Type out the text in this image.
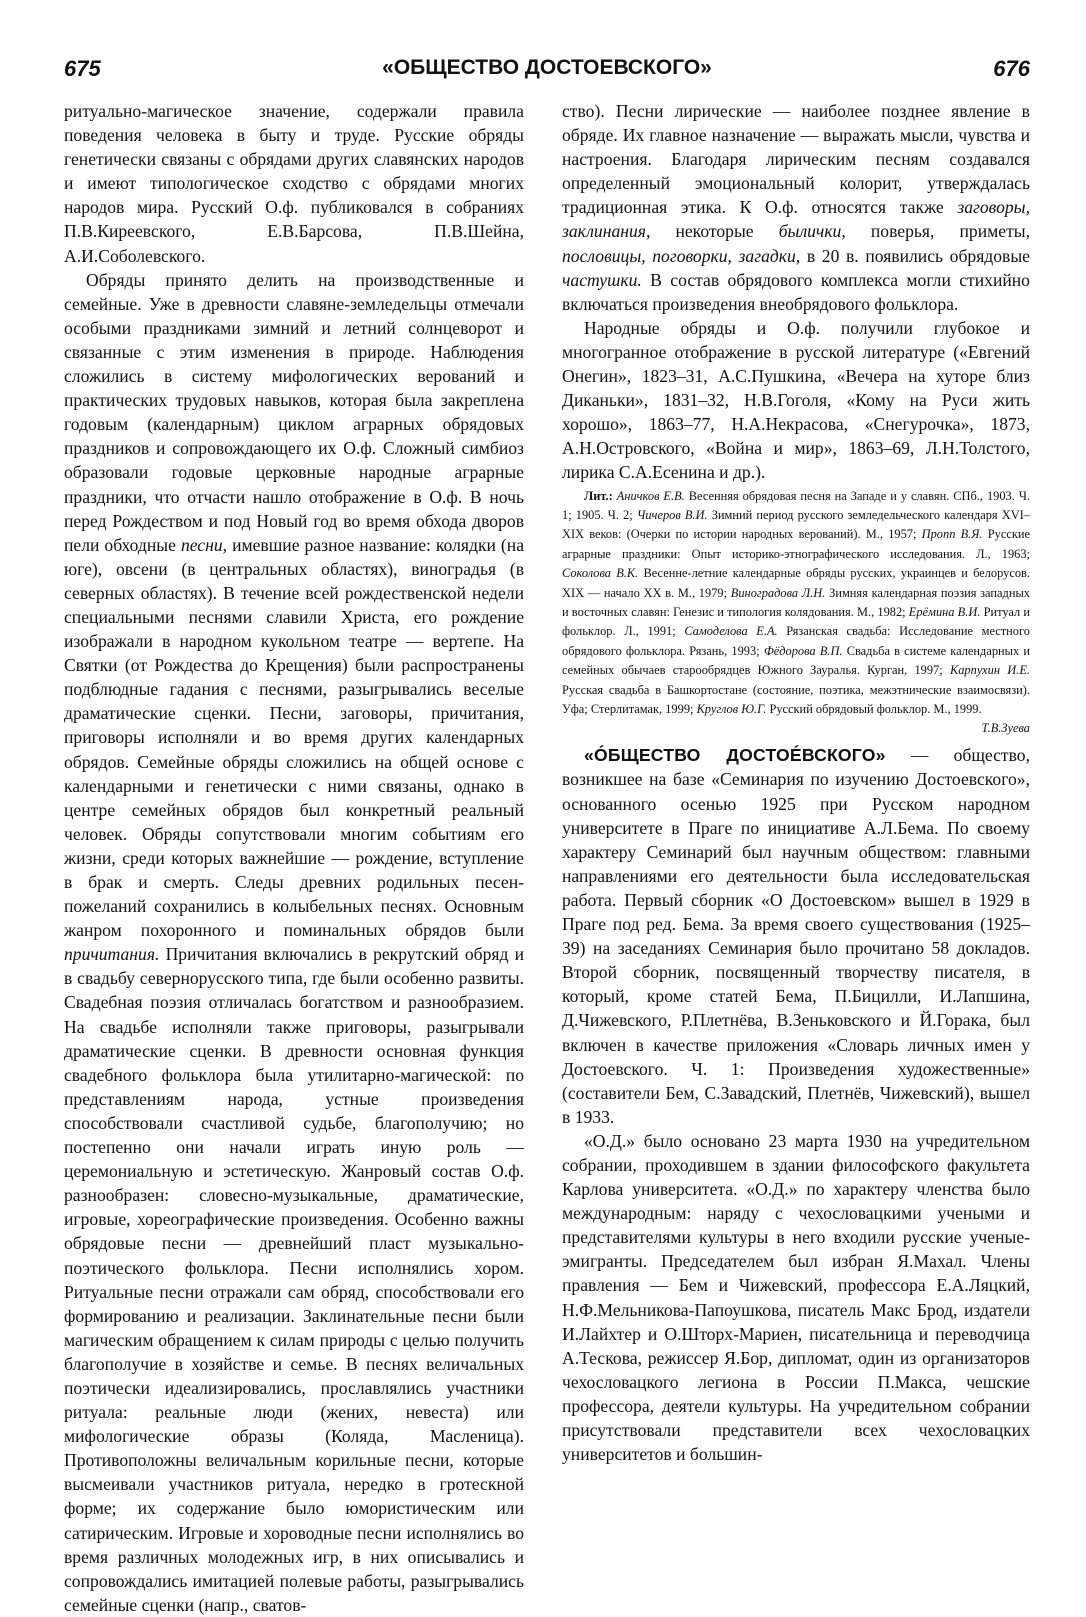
675	«ОБЩЕСТВО ДОСТОЕВСКОГО»	676

ритуально-магическое значение, содержали правила поведения человека в быту и труде. Русские обряды генетически связаны с обрядами других славянских народов и имеют типологическое сходство с обрядами многих народов мира. Русский О.ф. публиковался в собраниях П.В.Киреевского, Е.В.Барсова, П.В.Шейна, А.И.Соболевского.

Обряды принято делить на производственные и семейные. Уже в древности славяне-земледельцы отмечали особыми праздниками зимний и летний солнцеворот и связанные с этим изменения в природе. Наблюдения сложились в систему мифологических верований и практических трудовых навыков, которая была закреплена годовым (календарным) циклом аграрных обрядовых праздников и сопровождающего их О.ф. Сложный симбиоз образовали годовые церковные народные аграрные праздники, что отчасти нашло отображение в О.ф. В ночь перед Рождеством и под Новый год во время обхода дворов пели обходные песни, имевшие разное название: колядки (на юге), овсени (в центральных областях), виноградья (в северных областях). В течение всей рождественской недели специальными песнями славили Христа, его рождение изображали в народном кукольном театре — вертепе. На Святки (от Рождества до Крещения) были распространены подблюдные гадания с песнями, разыгрывались веселые драматические сценки. Песни, заговоры, причитания, приговоры исполняли и во время других календарных обрядов. Семейные обряды сложились на общей основе с календарными и генетически с ними связаны, однако в центре семейных обрядов был конкретный реальный человек. Обряды сопутствовали многим событиям его жизни, среди которых важнейшие — рождение, вступление в брак и смерть. Следы древних родильных песен-пожеланий сохранились в колыбельных песнях. Основным жанром похоронного и поминальных обрядов были причитания. Причитания включались в рекрутский обряд и в свадьбу севернорусского типа, где были особенно развиты. Свадебная поэзия отличалась богатством и разнообразием. На свадьбе исполняли также приговоры, разыгрывали драматические сценки. В древности основная функция свадебного фольклора была утилитарно-магической: по представлениям народа, устные произведения способствовали счастливой судьбе, благополучию; но постепенно они начали играть иную роль — церемониальную и эстетическую. Жанровый состав О.ф. разнообразен: словесно-музыкальные, драматические, игровые, хореографические произведения. Особенно важны обрядовые песни — древнейший пласт музыкально-поэтического фольклора. Песни исполнялись хором. Ритуальные песни отражали сам обряд, способствовали его формированию и реализации. Заклинательные песни были магическим обращением к силам природы с целью получить благополучие в хозяйстве и семье. В песнях величальных поэтически идеализировались, прославлялись участники ритуала: реальные люди (жених, невеста) или мифологические образы (Коляда, Масленица). Противоположны величальным корильные песни, которые высмеивали участников ритуала, нередко в гротескной форме; их содержание было юмористическим или сатирическим. Игровые и хороводные песни исполнялись во время различных молодежных игр, в них описывались и сопровождались имитацией полевые работы, разыгрывались семейные сценки (напр., сватов-

ство). Песни лирические — наиболее позднее явление в обряде. Их главное назначение — выражать мысли, чувства и настроения. Благодаря лирическим песням создавался определенный эмоциональный колорит, утверждалась традиционная этика. К О.ф. относятся также заговоры, заклинания, некоторые былички, поверья, приметы, пословицы, поговорки, загадки, в 20 в. появились обрядовые частушки. В состав обрядового комплекса могли стихийно включаться произведения внеобрядового фольклора.

Народные обряды и О.ф. получили глубокое и многогранное отображение в русской литературе («Евгений Онегин», 1823–31, А.С.Пушкина, «Вечера на хуторе близ Диканьки», 1831–32, Н.В.Гоголя, «Кому на Руси жить хорошо», 1863–77, Н.А.Некрасова, «Снегурочка», 1873, А.Н.Островского, «Война и мир», 1863–69, Л.Н.Толстого, лирика С.А.Есенина и др.).

Лит.: Аничков Е.В. Весенняя обрядовая песня на Западе и у славян. СПб., 1903. Ч. 1; 1905. Ч. 2; Чичеров В.И. Зимний период русского земледельческого календаря XVI–XIX веков: (Очерки по истории народных верований). М., 1957; Пропп В.Я. Русские аграрные праздники: Опыт историко-этнографического исследования. Л., 1963; Соколова В.К. Весенне-летние календарные обряды русских, украинцев и белорусов. XIX — начало XX в. М., 1979; Виноградова Л.Н. Зимняя календарная поэзия западных и восточных славян: Генезис и типология колядования. М., 1982; Ерёмина В.И. Ритуал и фольклор. Л., 1991; Самоделова Е.А. Рязанская свадьба: Исследование местного обрядового фольклора. Рязань, 1993; Фёдорова В.П. Свадьба в системе календарных и семейных обычаев старообрядцев Южного Зауралья. Курган, 1997; Карпухин И.Е. Русская свадьба в Башкортостане (состояние, поэтика, межэтнические взаимосвязи). Уфа; Стерлитамак, 1999; Круглов Ю.Г. Русский обрядовый фольклор. М., 1999.
Т.В.Зуева

«ÓБЩЕСТВО ДОСТОÉВСКОГО» — общество, возникшее на базе «Семинария по изучению Достоевского», основанного осенью 1925 при Русском народном университете в Праге по инициативе А.Л.Бема. По своему характеру Семинарий был научным обществом: главными направлениями его деятельности была исследовательская работа. Первый сборник «О Достоевском» вышел в 1929 в Праге под ред. Бема. За время своего существования (1925–39) на заседаниях Семинария было прочитано 58 докладов. Второй сборник, посвященный творчеству писателя, в который, кроме статей Бема, П.Бицилли, И.Лапшина, Д.Чижевского, Р.Плетнёва, В.Зеньковского и Й.Горака, был включен в качестве приложения «Словарь личных имен у Достоевского. Ч. 1: Произведения художественные» (составители Бем, С.Завадский, Плетнёв, Чижевский), вышел в 1933.

«О.Д.» было основано 23 марта 1930 на учредительном собрании, проходившем в здании философского факультета Карлова университета. «О.Д.» по характеру членства было международным: наряду с чехословацкими учеными и представителями культуры в него входили русские ученые-эмигранты. Председателем был избран Я.Махал. Члены правления — Бем и Чижевский, профессора Е.А.Ляцкий, Н.Ф.Мельникова-Папоушкова, писатель Макс Брод, издатели И.Лайхтер и О.Шторх-Мариен, писательница и переводчица А.Тескова, режиссер Я.Бор, дипломат, один из организаторов чехословацкого легиона в России П.Макса, чешские профессора, деятели культуры. На учредительном собрании присутствовали представители всех чехословацких университетов и большин-
